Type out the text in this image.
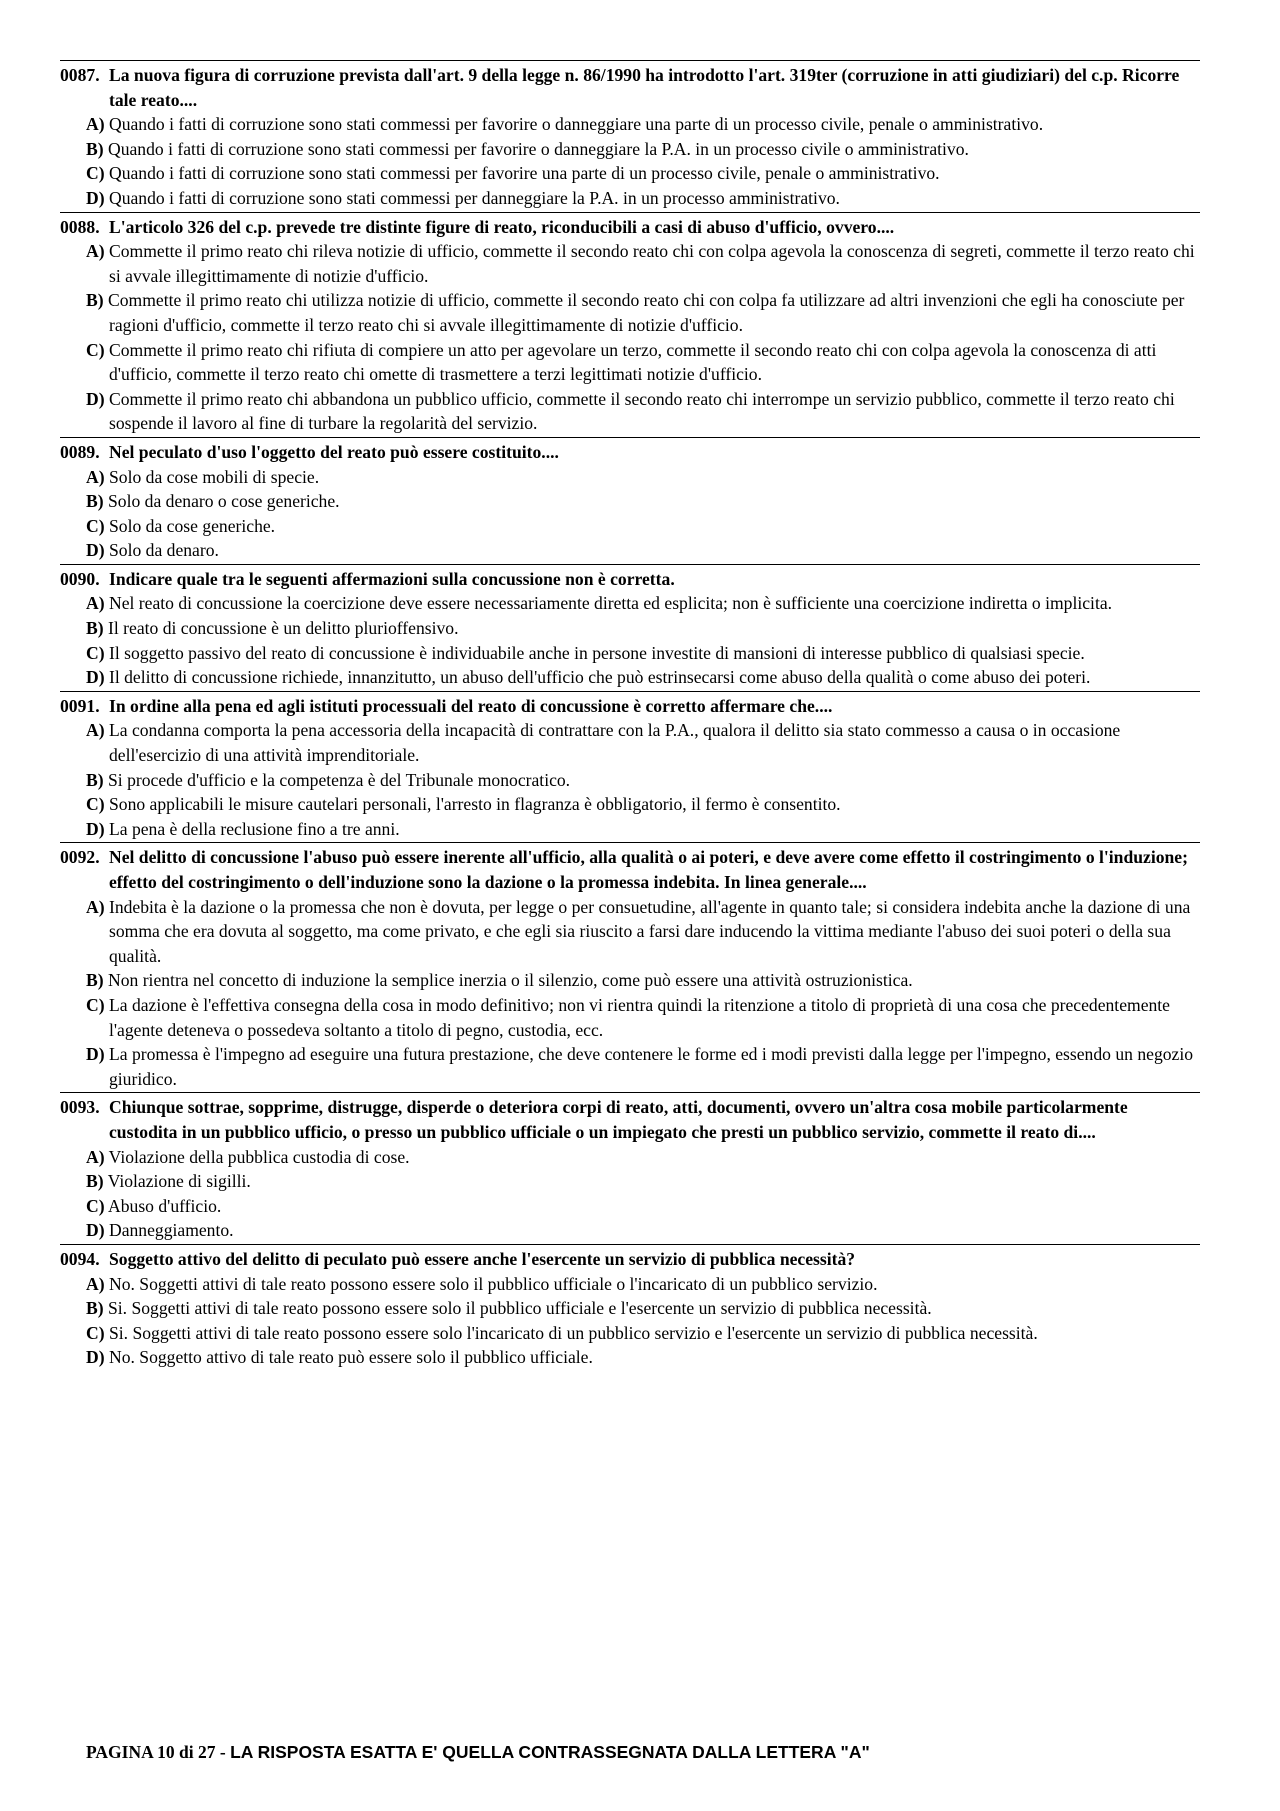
0087. La nuova figura di corruzione prevista dall'art. 9 della legge n. 86/1990 ha introdotto l'art. 319ter (corruzione in atti giudiziari) del c.p. Ricorre tale reato....

A) Quando i fatti di corruzione sono stati commessi per favorire o danneggiare una parte di un processo civile, penale o amministrativo.

B) Quando i fatti di corruzione sono stati commessi per favorire o danneggiare la P.A. in un processo civile o amministrativo.

C) Quando i fatti di corruzione sono stati commessi per favorire una parte di un processo civile, penale o amministrativo.

D) Quando i fatti di corruzione sono stati commessi per danneggiare la P.A. in un processo amministrativo.

0088. L'articolo 326 del c.p. prevede tre distinte figure di reato, riconducibili a casi di abuso d'ufficio, ovvero....

A) Commette il primo reato chi rileva notizie di ufficio, commette il secondo reato chi con colpa agevola la conoscenza di segreti, commette il terzo reato chi si avvale illegittimamente di notizie d'ufficio.

B) Commette il primo reato chi utilizza notizie di ufficio, commette il secondo reato chi con colpa fa utilizzare ad altri invenzioni che egli ha conosciute per ragioni d'ufficio, commette il terzo reato chi si avvale illegittimamente di notizie d'ufficio.

C) Commette il primo reato chi rifiuta di compiere un atto per agevolare un terzo, commette il secondo reato chi con colpa agevola la conoscenza di atti d'ufficio, commette il terzo reato chi omette di trasmettere a terzi legittimati notizie d'ufficio.

D) Commette il primo reato chi abbandona un pubblico ufficio, commette il secondo reato chi interrompe un servizio pubblico, commette il terzo reato chi sospende il lavoro al fine di turbare la regolarità del servizio.

0089. Nel peculato d'uso l'oggetto del reato può essere costituito....

A) Solo da cose mobili di specie.

B) Solo da denaro o cose generiche.

C) Solo da cose generiche.

D) Solo da denaro.

0090. Indicare quale tra le seguenti affermazioni sulla concussione non è corretta.

A) Nel reato di concussione la coercizione deve essere necessariamente diretta ed esplicita; non è sufficiente una coercizione indiretta o implicita.

B) Il reato di concussione è un delitto plurioffensivo.

C) Il soggetto passivo del reato di concussione è individuabile anche in persone investite di mansioni di interesse pubblico di qualsiasi specie.

D) Il delitto di concussione richiede, innanzitutto, un abuso dell'ufficio che può estrinsecarsi come abuso della qualità o come abuso dei poteri.

0091. In ordine alla pena ed agli istituti processuali del reato di concussione è corretto affermare che....

A) La condanna comporta la pena accessoria della incapacità di contrattare con la P.A., qualora il delitto sia stato commesso a causa o in occasione dell'esercizio di una attività imprenditoriale.

B) Si procede d'ufficio e la competenza è del Tribunale monocratico.

C) Sono applicabili le misure cautelari personali, l'arresto in flagranza è obbligatorio, il fermo è consentito.

D) La pena è della reclusione fino a tre anni.

0092. Nel delitto di concussione l'abuso può essere inerente all'ufficio, alla qualità o ai poteri, e deve avere come effetto il costringimento o l'induzione; effetto del costringimento o dell'induzione sono la dazione o la promessa indebita. In linea generale....

A) Indebita è la dazione o la promessa che non è dovuta, per legge o per consuetudine, all'agente in quanto tale; si considera indebita anche la dazione di una somma che era dovuta al soggetto, ma come privato, e che egli sia riuscito a farsi dare inducendo la vittima mediante l'abuso dei suoi poteri o della sua qualità.

B) Non rientra nel concetto di induzione la semplice inerzia o il silenzio, come può essere una attività ostruzionistica.

C) La dazione è l'effettiva consegna della cosa in modo definitivo; non vi rientra quindi la ritenzione a titolo di proprietà di una cosa che precedentemente l'agente deteneva o possedeva soltanto a titolo di pegno, custodia, ecc.

D) La promessa è l'impegno ad eseguire una futura prestazione, che deve contenere le forme ed i modi previsti dalla legge per l'impegno, essendo un negozio giuridico.

0093. Chiunque sottrae, sopprime, distrugge, disperde o deteriora corpi di reato, atti, documenti, ovvero un'altra cosa mobile particolarmente custodita in un pubblico ufficio, o presso un pubblico ufficiale o un impiegato che presti un pubblico servizio, commette il reato di....

A) Violazione della pubblica custodia di cose.

B) Violazione di sigilli.

C) Abuso d'ufficio.

D) Danneggiamento.

0094. Soggetto attivo del delitto di peculato può essere anche l'esercente un servizio di pubblica necessità?

A) No. Soggetti attivi di tale reato possono essere solo il pubblico ufficiale o l'incaricato di un pubblico servizio.

B) Si. Soggetti attivi di tale reato possono essere solo il pubblico ufficiale e l'esercente un servizio di pubblica necessità.

C) Si. Soggetti attivi di tale reato possono essere solo l'incaricato di un pubblico servizio e l'esercente un servizio di pubblica necessità.

D) No. Soggetto attivo di tale reato può essere solo il pubblico ufficiale.

PAGINA 10 di 27 - LA RISPOSTA ESATTA E' QUELLA CONTRASSEGNATA DALLA LETTERA "A"
